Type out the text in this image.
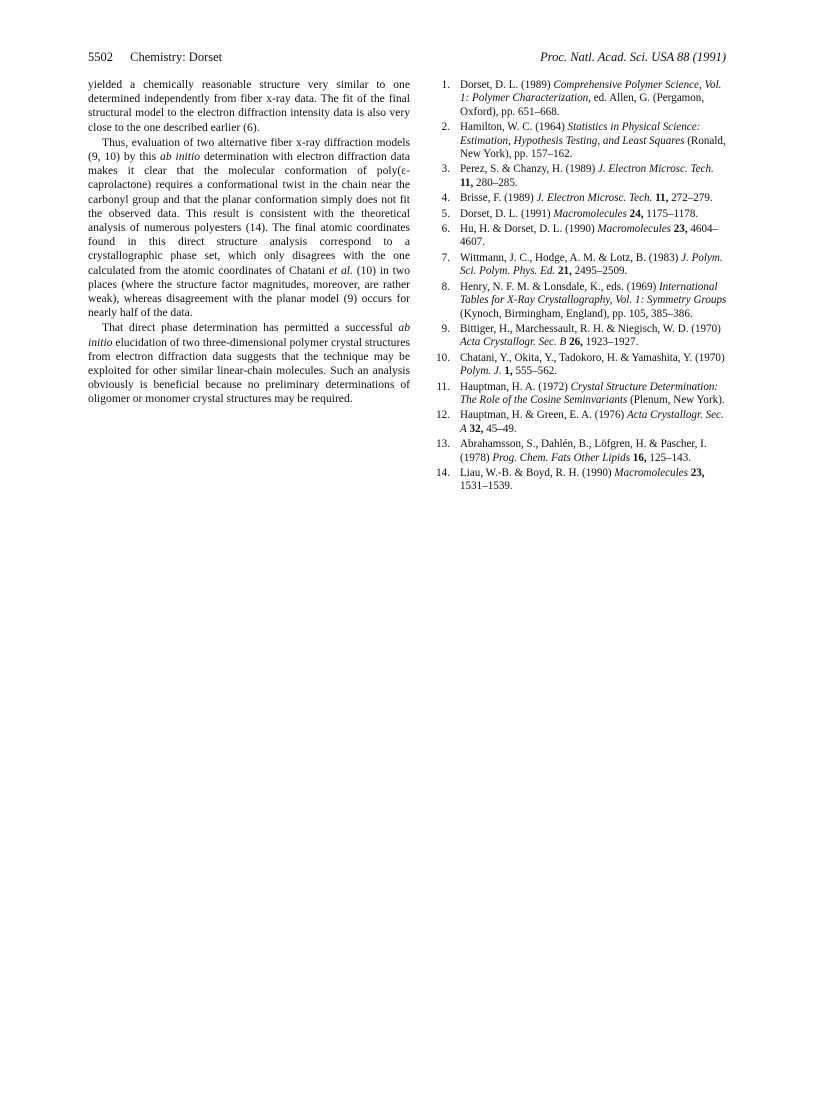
5502 Chemistry: Dorset	Proc. Natl. Acad. Sci. USA 88 (1991)

yielded a chemically reasonable structure very similar to one determined independently from fiber x-ray data. The fit of the final structural model to the electron diffraction intensity data is also very close to the one described earlier (6).

Thus, evaluation of two alternative fiber x-ray diffraction models (9, 10) by this ab initio determination with electron diffraction data makes it clear that the molecular conformation of poly(ε-caprolactone) requires a conformational twist in the chain near the carbonyl group and that the planar conformation simply does not fit the observed data. This result is consistent with the theoretical analysis of numerous polyesters (14). The final atomic coordinates found in this direct structure analysis correspond to a crystallographic phase set, which only disagrees with the one calculated from the atomic coordinates of Chatani et al. (10) in two places (where the structure factor magnitudes, moreover, are rather weak), whereas disagreement with the planar model (9) occurs for nearly half of the data.

That direct phase determination has permitted a successful ab initio elucidation of two three-dimensional polymer crystal structures from electron diffraction data suggests that the technique may be exploited for other similar linear-chain molecules. Such an analysis obviously is beneficial because no preliminary determinations of oligomer or monomer crystal structures may be required.

1. Dorset, D. L. (1989) Comprehensive Polymer Science, Vol. 1: Polymer Characterization, ed. Allen, G. (Pergamon, Oxford), pp. 651–668.
2. Hamilton, W. C. (1964) Statistics in Physical Science: Estimation, Hypothesis Testing, and Least Squares (Ronald, New York), pp. 157–162.
3. Perez, S. & Chanzy, H. (1989) J. Electron Microsc. Tech. 11, 280–285.
4. Brisse, F. (1989) J. Electron Microsc. Tech. 11, 272–279.
5. Dorset, D. L. (1991) Macromolecules 24, 1175–1178.
6. Hu, H. & Dorset, D. L. (1990) Macromolecules 23, 4604–4607.
7. Wittmann, J. C., Hodge, A. M. & Lotz, B. (1983) J. Polym. Sci. Polym. Phys. Ed. 21, 2495–2509.
8. Henry, N. F. M. & Lonsdale, K., eds. (1969) International Tables for X-Ray Crystallography, Vol. 1: Symmetry Groups (Kynoch, Birmingham, England), pp. 105, 385–386.
9. Bittiger, H., Marchessault, R. H. & Niegisch, W. D. (1970) Acta Crystallogr. Sec. B 26, 1923–1927.
10. Chatani, Y., Okita, Y., Tadokoro, H. & Yamashita, Y. (1970) Polym. J. 1, 555–562.
11. Hauptman, H. A. (1972) Crystal Structure Determination: The Role of the Cosine Seminvariants (Plenum, New York).
12. Hauptman, H. & Green, E. A. (1976) Acta Crystallogr. Sec. A 32, 45–49.
13. Abrahamsson, S., Dahlén, B., Löfgren, H. & Pascher, I. (1978) Prog. Chem. Fats Other Lipids 16, 125–143.
14. Liau, W.-B. & Boyd, R. H. (1990) Macromolecules 23, 1531–1539.
